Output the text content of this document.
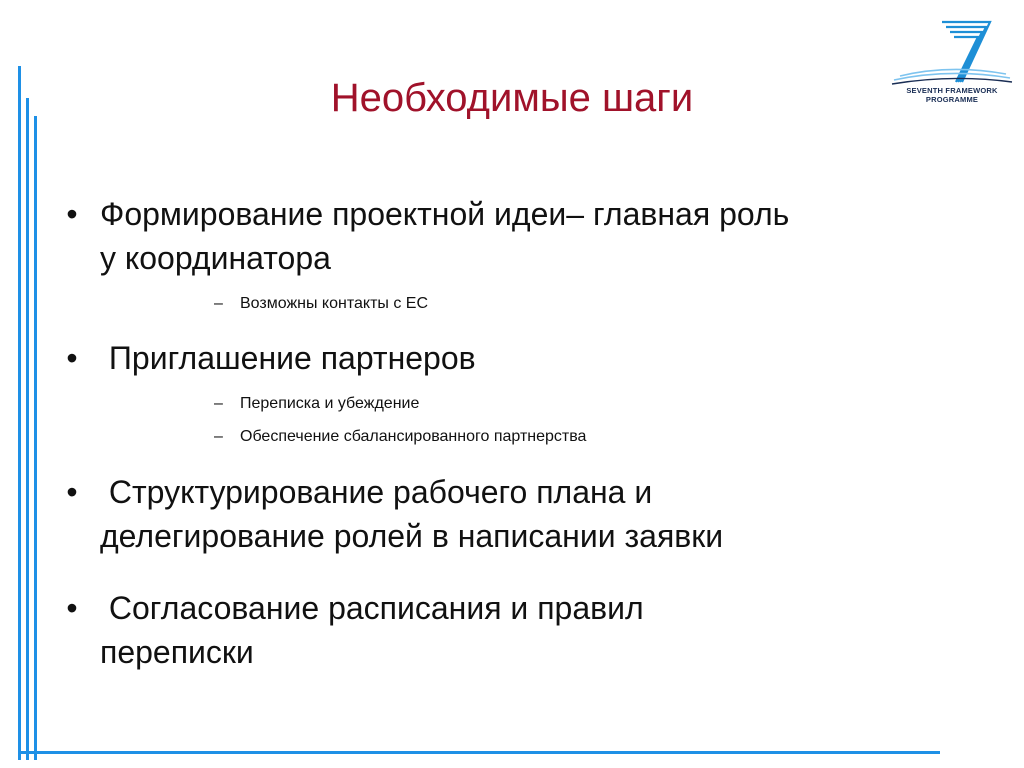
SEVENTH FRAMEWORK
PROGRAMME
Необходимые шаги
• Формирование проектной идеи– главная роль
у координатора
– Возможны контакты с ЕС
• Приглашение партнеров
– Переписка и убеждение
– Обеспечение сбалансированного партнерства
• Структурирование рабочего плана и
делегирование ролей в написании заявки
• Согласование расписания и правил
переписки
